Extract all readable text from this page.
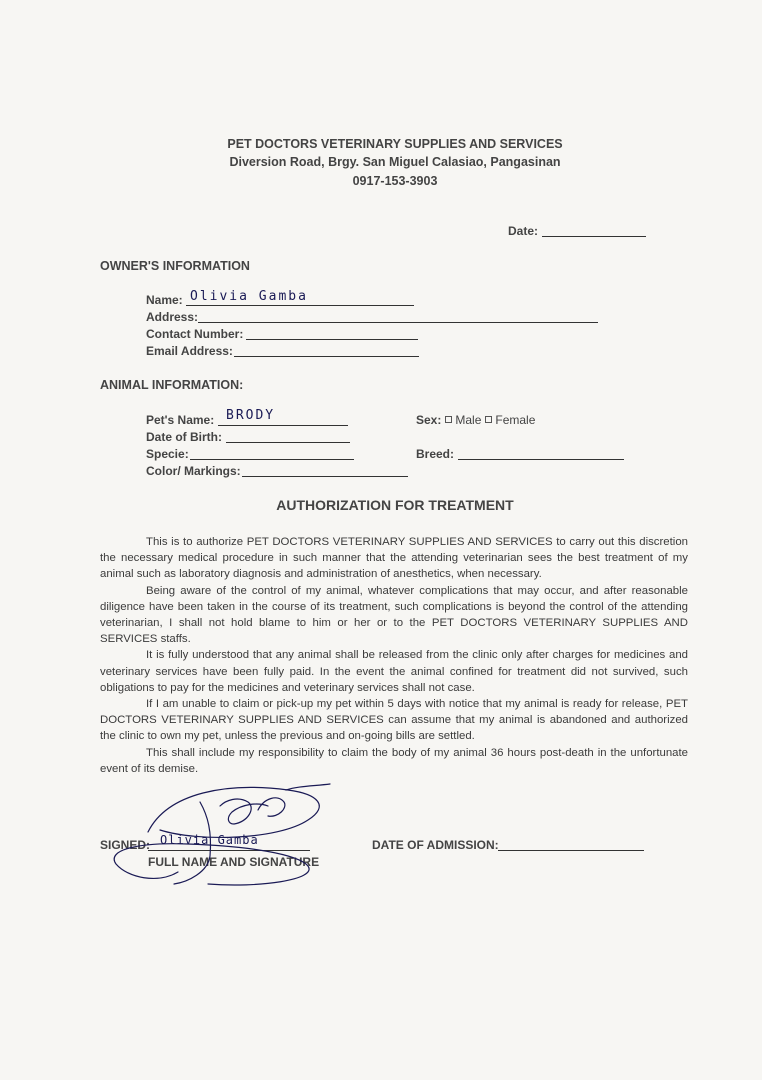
PET DOCTORS VETERINARY SUPPLIES AND SERVICES
Diversion Road, Brgy. San Miguel Calasiao, Pangasinan
0917-153-3903
Date:
OWNER'S INFORMATION
Name: Olivia Gamba
Address:
Contact Number:
Email Address:
ANIMAL INFORMATION:
Pet's Name: BRODY
Date of Birth:
Specie:
Color/ Markings:
Sex: Male Female
Breed:
AUTHORIZATION FOR TREATMENT

This is to authorize PET DOCTORS VETERINARY SUPPLIES AND SERVICES to carry out this discretion the necessary medical procedure in such manner that the attending veterinarian sees the best treatment of my animal such as laboratory diagnosis and administration of anesthetics, when necessary.

Being aware of the control of my animal, whatever complications that may occur, and after reasonable diligence have been taken in the course of its treatment, such complications is beyond the control of the attending veterinarian, I shall not hold blame to him or her or to the PET DOCTORS VETERINARY SUPPLIES AND SERVICES staffs.

It is fully understood that any animal shall be released from the clinic only after charges for medicines and veterinary services have been fully paid. In the event the animal confined for treatment did not survived, such obligations to pay for the medicines and veterinary services shall not case.

If I am unable to claim or pick-up my pet within 5 days with notice that my animal is ready for release, PET DOCTORS VETERINARY SUPPLIES AND SERVICES can assume that my animal is abandoned and authorized the clinic to own my pet, unless the previous and on-going bills are settled.

This shall include my responsibility to claim the body of my animal 36 hours post-death in the unfortunate event of its demise.

SIGNED: Olivia Gamba
FULL NAME AND SIGNATURE
DATE OF ADMISSION:
